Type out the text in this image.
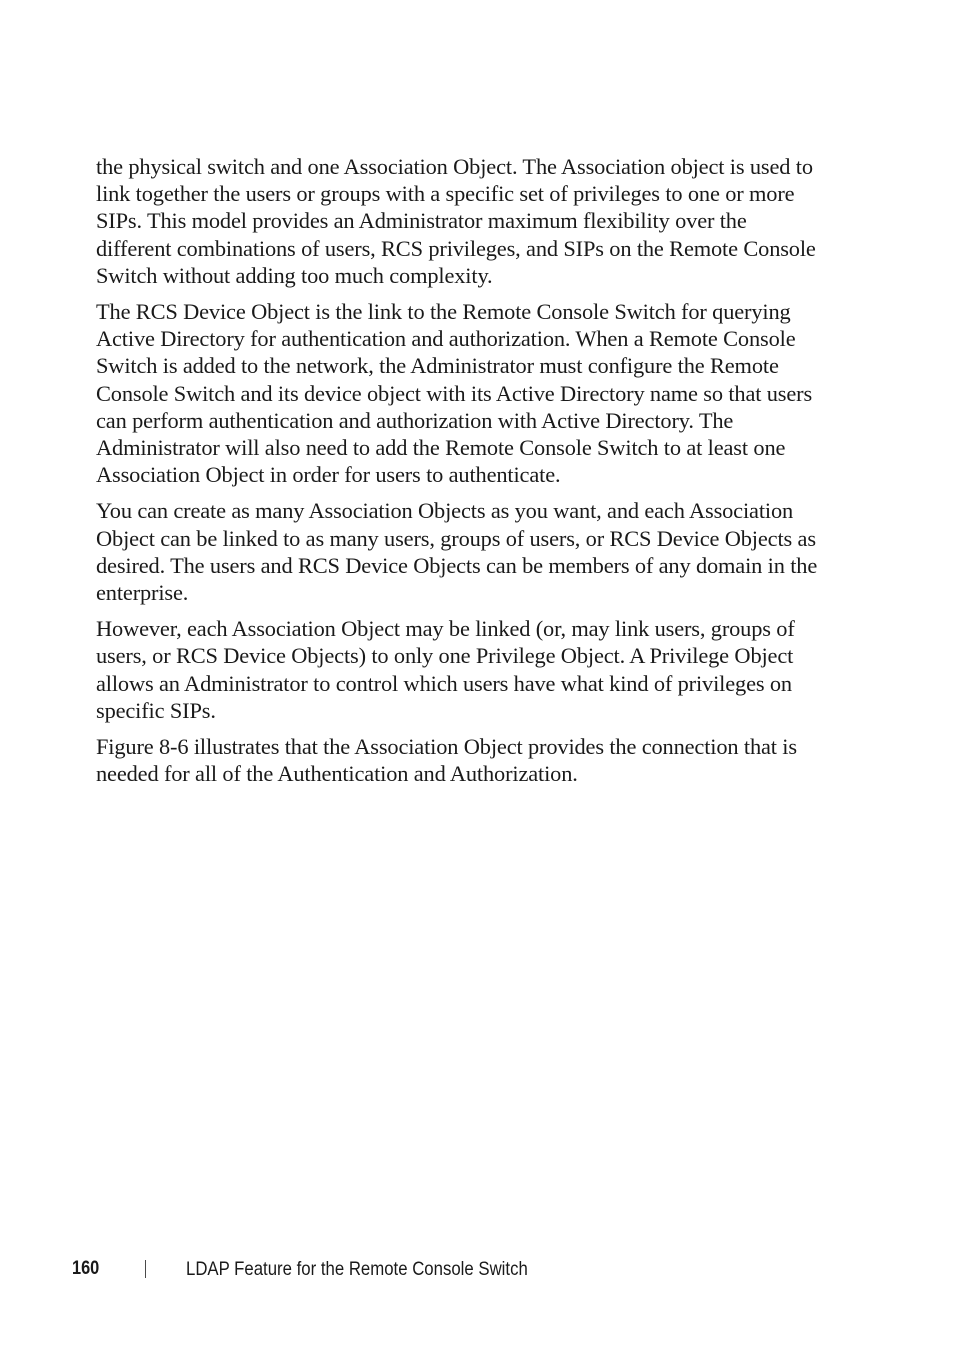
the physical switch and one Association Object. The Association object is used to link together the users or groups with a specific set of privileges to one or more SIPs. This model provides an Administrator maximum flexibility over the different combinations of users, RCS privileges, and SIPs on the Remote Console Switch without adding too much complexity.

The RCS Device Object is the link to the Remote Console Switch for querying Active Directory for authentication and authorization. When a Remote Console Switch is added to the network, the Administrator must configure the Remote Console Switch and its device object with its Active Directory name so that users can perform authentication and authorization with Active Directory. The Administrator will also need to add the Remote Console Switch to at least one Association Object in order for users to authenticate.

You can create as many Association Objects as you want, and each Association Object can be linked to as many users, groups of users, or RCS Device Objects as desired. The users and RCS Device Objects can be members of any domain in the enterprise.

However, each Association Object may be linked (or, may link users, groups of users, or RCS Device Objects) to only one Privilege Object. A Privilege Object allows an Administrator to control which users have what kind of privileges on specific SIPs.

Figure 8-6 illustrates that the Association Object provides the connection that is needed for all of the Authentication and Authorization.

160	LDAP Feature for the Remote Console Switch
